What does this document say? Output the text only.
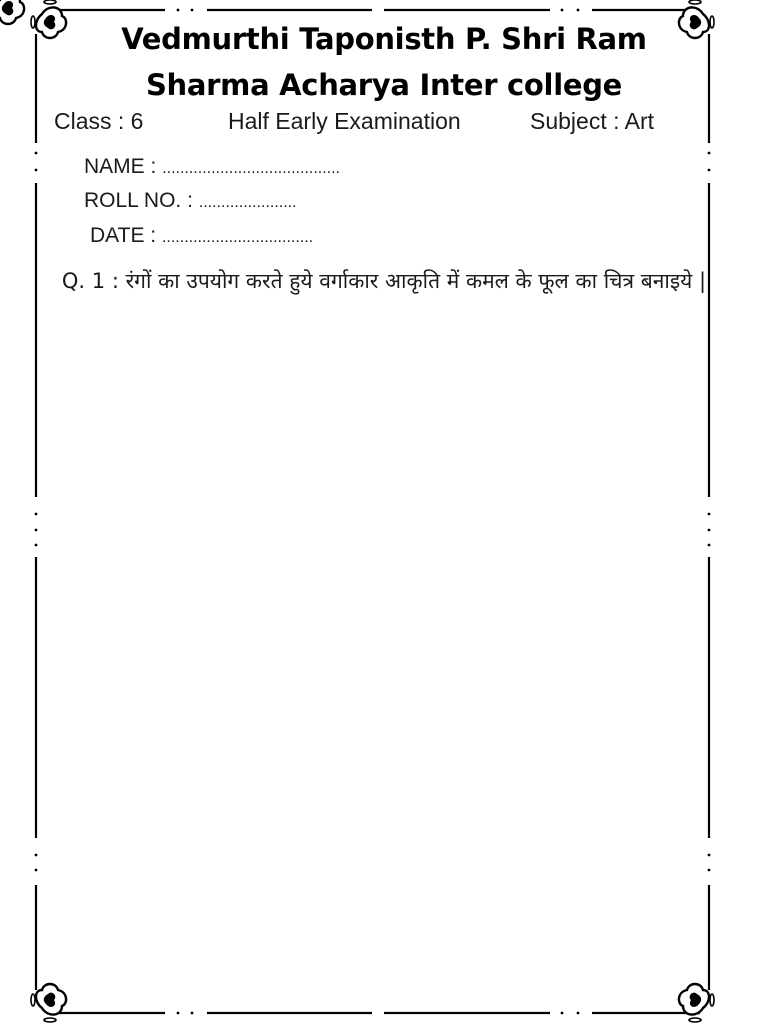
Vedmurthi Taponisth P. Shri Ram
Sharma Acharya Inter college
Class : 6	Half Early Examination	Subject : Art
NAME : ........................................
ROLL NO. : ......................
DATE : ..................................
Q. 1 : रंगों का उपयोग करते हुये वर्गाकार आकृति में कमल के फूल का चित्र बनाइये |
